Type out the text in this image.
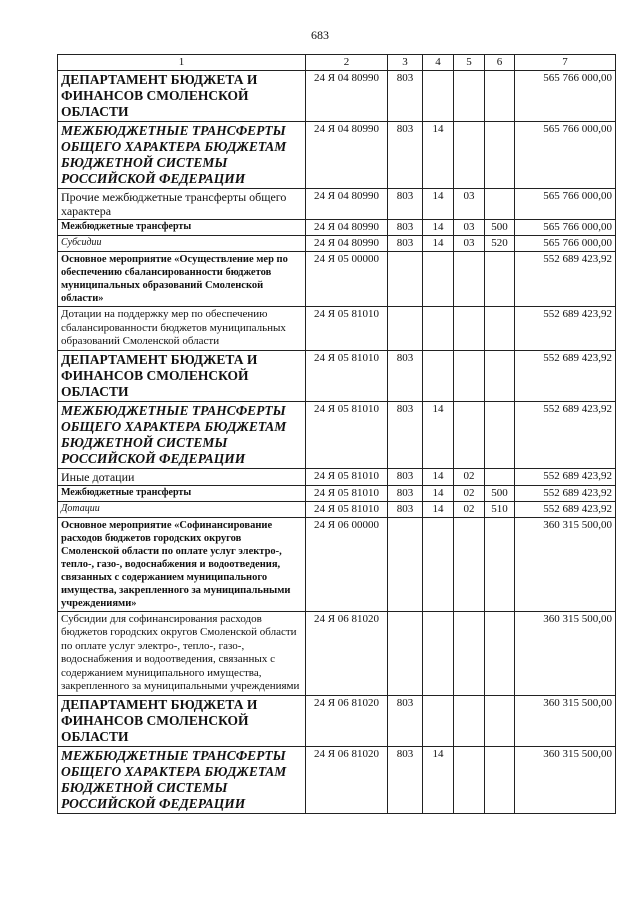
683
1	2	3	4	5	6	7
ДЕПАРТАМЕНТ БЮДЖЕТА И ФИНАНСОВ СМОЛЕНСКОЙ ОБЛАСТИ	24 Я 04 80990	803				565 766 000,00
МЕЖБЮДЖЕТНЫЕ ТРАНСФЕРТЫ ОБЩЕГО ХАРАКТЕРА БЮДЖЕТАМ БЮДЖЕТНОЙ СИСТЕМЫ РОССИЙСКОЙ ФЕДЕРАЦИИ	24 Я 04 80990	803	14			565 766 000,00
Прочие межбюджетные трансферты общего характера	24 Я 04 80990	803	14	03		565 766 000,00
Межбюджетные трансферты	24 Я 04 80990	803	14	03	500	565 766 000,00
Субсидии	24 Я 04 80990	803	14	03	520	565 766 000,00
Основное мероприятие «Осуществление мер по обеспечению сбалансированности бюджетов муниципальных образований Смоленской области»	24 Я 05 00000					552 689 423,92
Дотации на поддержку мер по обеспечению сбалансированности бюджетов муниципальных образований Смоленской области	24 Я 05 81010					552 689 423,92
ДЕПАРТАМЕНТ БЮДЖЕТА И ФИНАНСОВ СМОЛЕНСКОЙ ОБЛАСТИ	24 Я 05 81010	803				552 689 423,92
МЕЖБЮДЖЕТНЫЕ ТРАНСФЕРТЫ ОБЩЕГО ХАРАКТЕРА БЮДЖЕТАМ БЮДЖЕТНОЙ СИСТЕМЫ РОССИЙСКОЙ ФЕДЕРАЦИИ	24 Я 05 81010	803	14			552 689 423,92
Иные дотации	24 Я 05 81010	803	14	02		552 689 423,92
Межбюджетные трансферты	24 Я 05 81010	803	14	02	500	552 689 423,92
Дотации	24 Я 05 81010	803	14	02	510	552 689 423,92
Основное мероприятие «Софинансирование расходов бюджетов городских округов Смоленской области по оплате услуг электро-, тепло-, газо-, водоснабжения и водоотведения, связанных с содержанием муниципального имущества, закрепленного за муниципальными учреждениями»	24 Я 06 00000					360 315 500,00
Субсидии для софинансирования расходов бюджетов городских округов Смоленской области по оплате услуг электро-, тепло-, газо-, водоснабжения и водоотведения, связанных с содержанием муниципального имущества, закрепленного за муниципальными учреждениями	24 Я 06 81020					360 315 500,00
ДЕПАРТАМЕНТ БЮДЖЕТА И ФИНАНСОВ СМОЛЕНСКОЙ ОБЛАСТИ	24 Я 06 81020	803				360 315 500,00
МЕЖБЮДЖЕТНЫЕ ТРАНСФЕРТЫ ОБЩЕГО ХАРАКТЕРА БЮДЖЕТАМ БЮДЖЕТНОЙ СИСТЕМЫ РОССИЙСКОЙ ФЕДЕРАЦИИ	24 Я 06 81020	803	14			360 315 500,00
